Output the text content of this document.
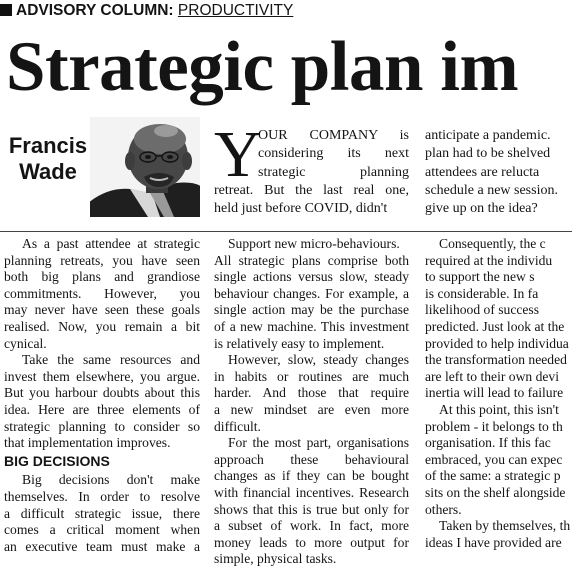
ADVISORY COLUMN: PRODUCTIVITY
Strategic plan im
Francis
Wade Y

OUR COMPANY is

considering its next

strategic planning

retreat. But the last real one,

held just before COVID, didn't

anticipate a pandemic.

plan had to be shelved

attendees are relucta

schedule a new session.

give up on the idea?

As a past attendee at strategic

planning retreats, you have seen

both big plans and grandiose

commitments. However, you

may never have seen these goals

realised. Now, you remain a bit

cynical.

Take the same resources and

invest them elsewhere, you argue.

But you harbour doubts about this

idea. Here are three elements of

strategic planning to consider so

that implementation improves.

BIG DECISIONS

Big decisions don't make

themselves. In order to resolve

a difficult strategic issue, there

comes a critical moment when

an executive team must make a

Support new micro-behaviours.

All strategic plans comprise both

single actions versus slow, steady

behaviour changes. For example, a

single action may be the purchase

of a new machine. This investment

is relatively easy to implement.

However, slow, steady changes

in habits or routines are much

harder. And those that require

a new mindset are even more

difficult.

For the most part, organisations

approach these behavioural

changes as if they can be bought

with financial incentives. Research

shows that this is true but only for

a subset of work. In fact, more

money leads to more output for

simple, physical tasks.

Consequently, the c

required at the individu

to support the new s

is considerable. In fa

likelihood of success

predicted. Just look at the

provided to help individua

the transformation needed

are left to their own devi

inertia will lead to failure

At this point, this isn't

problem - it belongs to th

organisation. If this fac

embraced, you can expec

of the same: a strategic p

sits on the shelf alongside

others.

Taken by themselves, th

ideas I have provided are
